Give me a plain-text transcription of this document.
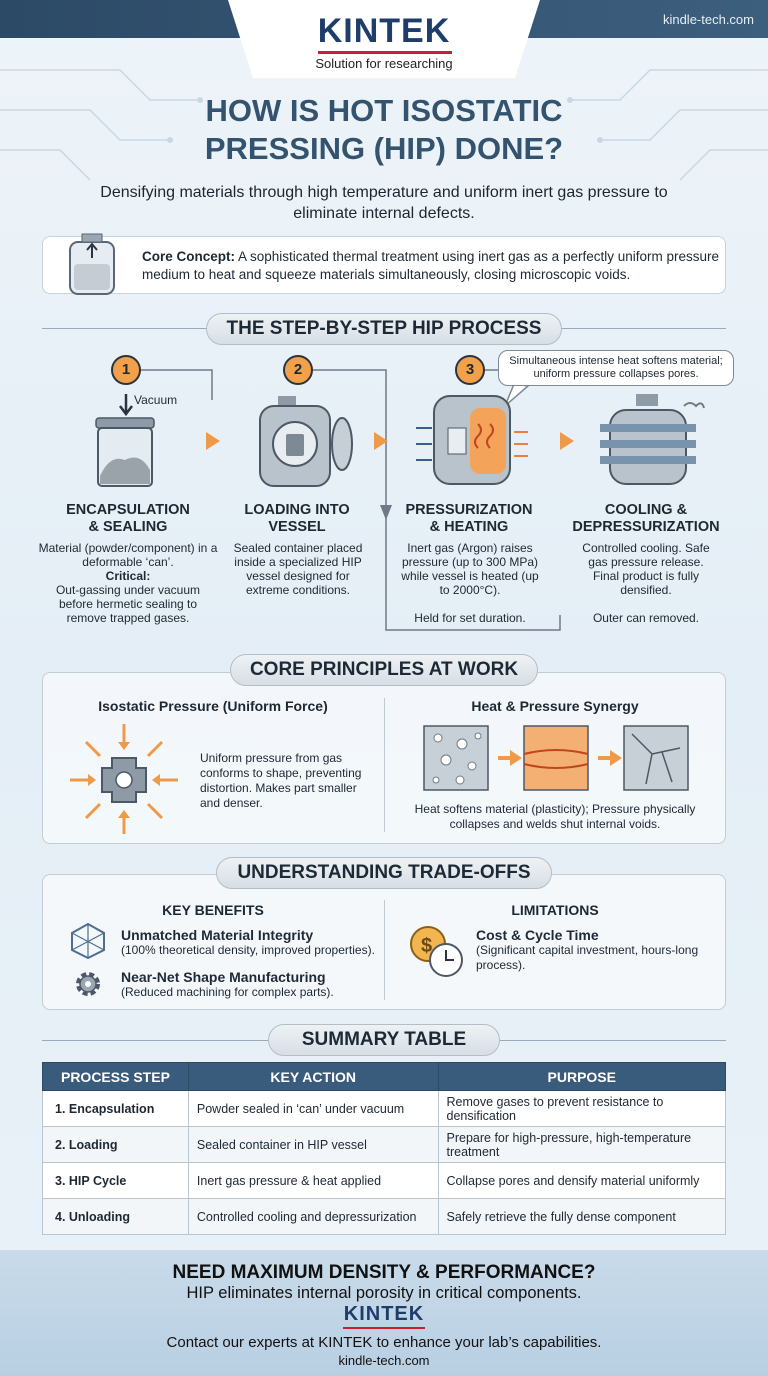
KINTEK
Solution for researching
kindle-tech.com
HOW IS HOT ISOSTATIC
PRESSING (HIP) DONE?
Densifying materials through high temperature and uniform inert gas pressure to eliminate internal defects.
Core Concept: A sophisticated thermal treatment using inert gas as a perfectly uniform pressure medium to heat and squeeze materials simultaneously, closing microscopic voids.
THE STEP-BY-STEP HIP PROCESS
1	2	3	Simultaneous intense heat softens material; uniform pressure collapses pores.
Vacuum
ENCAPSULATION
& SEALING
Material (powder/component) in a deformable ‘can’.
Critical:
Out-gassing under vacuum before hermetic sealing to remove trapped gases.
LOADING INTO
VESSEL
Sealed container placed inside a specialized HIP vessel designed for extreme conditions.
PRESSURIZATION
& HEATING
Inert gas (Argon) raises pressure (up to 300 MPa) while vessel is heated (up to 2000°C).
Held for set duration.
COOLING &
DEPRESSURIZATION
Controlled cooling. Safe gas pressure release. Final product is fully densified.
Outer can removed.
CORE PRINCIPLES AT WORK
Isostatic Pressure (Uniform Force)
Uniform pressure from gas conforms to shape, preventing distortion. Makes part smaller and denser.
Heat & Pressure Synergy
Heat softens material (plasticity); Pressure physically collapses and welds shut internal voids.
UNDERSTANDING TRADE-OFFS
KEY BENEFITS
Unmatched Material Integrity
(100% theoretical density, improved properties).
Near-Net Shape Manufacturing
(Reduced machining for complex parts).
LIMITATIONS
$	Cost & Cycle Time
(Significant capital investment, hours-long process).
SUMMARY TABLE
PROCESS STEP	KEY ACTION	PURPOSE
1. Encapsulation	Powder sealed in ‘can’ under vacuum	Remove gases to prevent resistance to densification
2. Loading	Sealed container in HIP vessel	Prepare for high-pressure, high-temperature treatment
3. HIP Cycle	Inert gas pressure & heat applied	Collapse pores and densify material uniformly
4. Unloading	Controlled cooling and depressurization	Safely retrieve the fully dense component
NEED MAXIMUM DENSITY & PERFORMANCE?
HIP eliminates internal porosity in critical components.
KINTEK
Contact our experts at KINTEK to enhance your lab’s capabilities.
kindle-tech.com
